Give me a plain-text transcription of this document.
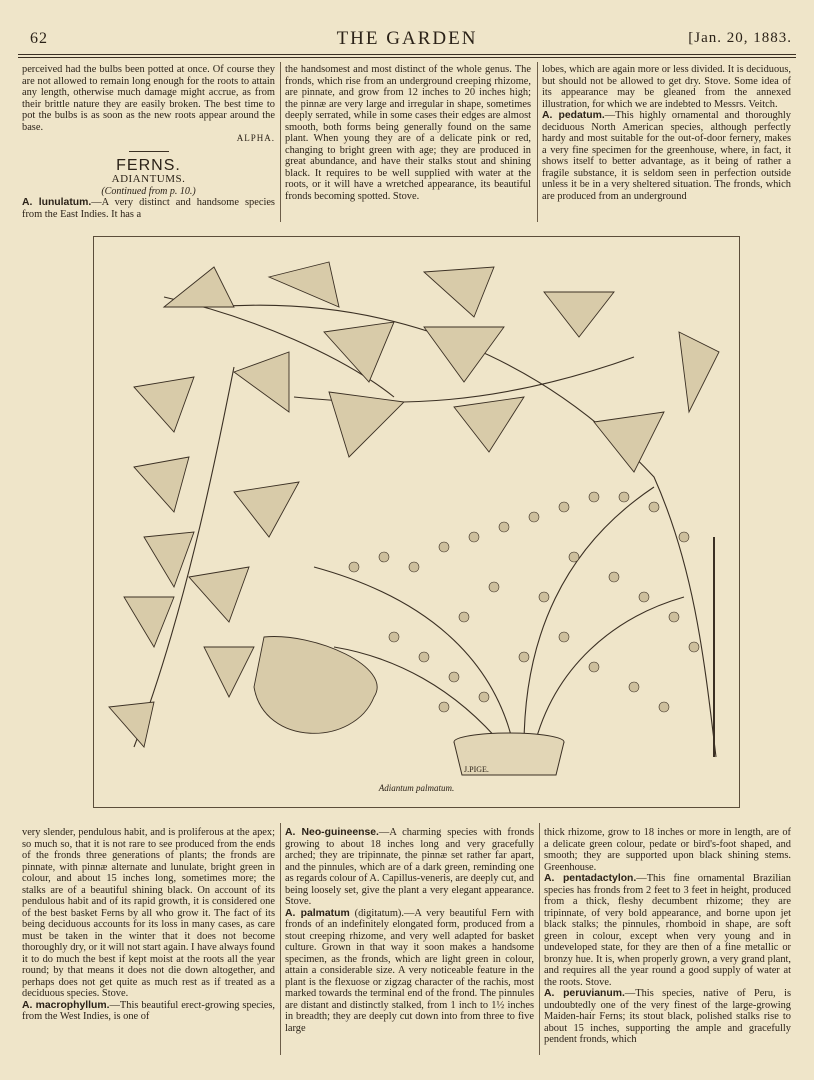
62	THE GARDEN	[Jan. 20, 1883.

perceived had the bulbs been potted at once. Of course they are not allowed to remain long enough for the roots to attain any length, otherwise much damage might accrue, as from their brittle nature they are easily broken. The best time to pot the bulbs is as soon as the new roots appear around the base.

ALPHA.

FERNS.
ADIANTUMS.
(Continued from p. 10.)

A. lunulatum.—A very distinct and handsome species from the East Indies. It has a

the handsomest and most distinct of the whole genus. The fronds, which rise from an underground creeping rhizome, are pinnate, and grow from 12 inches to 20 inches high; the pinnæ are very large and irregular in shape, sometimes deeply serrated, while in some cases their edges are almost smooth, both forms being generally found on the same plant. When young they are of a delicate pink or red, changing to bright green with age; they are produced in great abundance, and have their stalks stout and shining black. It requires to be well supplied with water at the roots, or it will have a wretched appearance, its beautiful fronds becoming spotted. Stove.

lobes, which are again more or less divided. It is deciduous, but should not be allowed to get dry. Stove. Some idea of its appearance may be gleaned from the annexed illustration, for which we are indebted to Messrs. Veitch.

A. pedatum.—This highly ornamental and thoroughly deciduous North American species, although perfectly hardy and most suitable for the out-of-door fernery, makes a very fine specimen for the greenhouse, where, in fact, it shows itself to better advantage, as it being of rather a fragile substance, it is seldom seen in perfection outside unless it be in a very sheltered situation. The fronds, which are produced from an underground

J.PIGE.
Adiantum palmatum.

very slender, pendulous habit, and is proliferous at the apex; so much so, that it is not rare to see produced from the ends of the fronds three generations of plants; the fronds are pinnate, with pinnæ alternate and lunulate, bright green in colour, and about 15 inches long, sometimes more; the stalks are of a beautiful shining black. On account of its pendulous habit and of its rapid growth, it is considered one of the best basket Ferns by all who grow it. The fact of its being deciduous accounts for its loss in many cases, as care must be taken in the winter that it does not become thoroughly dry, or it will not start again. I have always found it to do much the best if kept moist at the roots all the year round; by that means it does not die down altogether, and perhaps does not get quite as much rest as if treated as a deciduous species. Stove.

A. macrophyllum.—This beautiful erect-growing species, from the West Indies, is one of

A. Neo-guineense.—A charming species with fronds growing to about 18 inches long and very gracefully arched; they are tripinnate, the pinnæ set rather far apart, and the pinnules, which are of a dark green, reminding one as regards colour of A. Capillus-veneris, are deeply cut, and being loosely set, give the plant a very elegant appearance. Stove.

A. palmatum (digitatum).—A very beautiful Fern with fronds of an indefinitely elongated form, produced from a stout creeping rhizome, and very well adapted for basket culture. Grown in that way it soon makes a handsome specimen, as the fronds, which are light green in colour, attain a considerable size. A very noticeable feature in the plant is the flexuose or zigzag character of the rachis, most marked towards the terminal end of the frond. The pinnules are distant and distinctly stalked, from 1 inch to 1½ inches in breadth; they are deeply cut down into from three to five large

thick rhizome, grow to 18 inches or more in length, are of a delicate green colour, pedate or bird's-foot shaped, and smooth; they are supported upon black shining stems. Greenhouse.

A. pentadactylon.—This fine ornamental Brazilian species has fronds from 2 feet to 3 feet in height, produced from a thick, fleshy decumbent rhizome; they are tripinnate, of very bold appearance, and borne upon jet black stalks; the pinnules, rhomboid in shape, are soft green in colour, except when very young and in undeveloped state, for they are then of a fine metallic or bronzy hue. It is, when properly grown, a very grand plant, and requires all the year round a good supply of water at the roots. Stove.

A. peruvianum.—This species, native of Peru, is undoubtedly one of the very finest of the large-growing Maiden-hair Ferns; its stout black, polished stalks rise to about 15 inches, supporting the ample and gracefully pendent fronds, which
